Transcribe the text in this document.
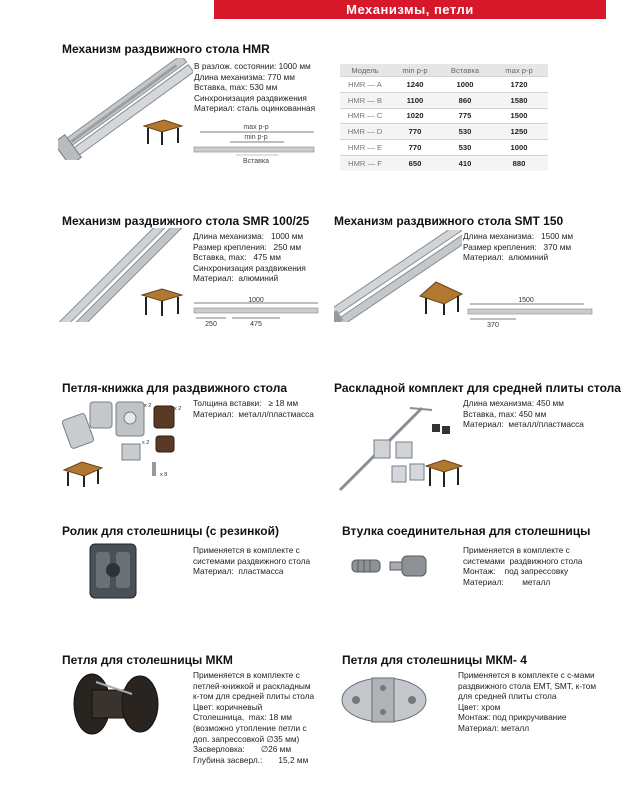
Механизмы, петли
Механизм раздвижного стола HMR
В разлож. состоянии: 1000 мм
Длина механизма: 770 мм
Вставка, max: 530 мм
Синхронизация раздвижения
Материал: сталь оцинкованная
max р-р
min р-р
Вставка
Модель	min р-р	Вставка	max р-р
HMR — A	1240	1000	1720
HMR — B	1100	860	1580
HMR — C	1020	775	1500
HMR — D	770	530	1250
HMR — E	770	530	1000
HMR — F	650	410	880
Механизм раздвижного стола SMR 100/25
Длина механизма:   1000 мм
Размер крепления:   250 мм
Вставка, max:   475 мм
Синхронизация раздвижения
Материал:  алюминий
1000
250	475
Механизм раздвижного стола SMT 150
Длина механизма:   1500 мм
Размер крепления:   370 мм
Материал:  алюминий
1500
370
Петля-книжка для раздвижного стола
x 2	x 2
x 2
x 8
Толщина вставки:   ≥ 18 мм
Материал:  металл/пластмасса
Раскладной комплект для средней плиты стола
Длина механизма: 450 мм
Вставка, max: 450 мм
Материал:  металл/пластмасса
Ролик для столешницы (с резинкой)
Применяется в комплекте с
системами раздвижного стола
Материал:  пластмасса
Втулка соединительная для столешницы
Применяется в комплекте с
системами  раздвижного стола
Монтаж:    под запрессовку
Материал:        металл
Петля для столешницы МКМ
Применяется в комплекте с
петлей-книжкой и раскладным
к-том для средней плиты стола
Цвет: коричневый
Столешница,  max: 18 мм
(возможно утопление петли с
доп. запрессовкой ∅35 мм)
Засверловка:       ∅26 мм
Глубина засверл.:       15,2 мм
Петля для столешницы МКМ- 4
Применяется в комплекте с с-мами
раздвижного стола ЕМТ, SMT, к-том
для средней плиты стола
Цвет: хром
Монтаж: под прикручивание
Материал: металл
